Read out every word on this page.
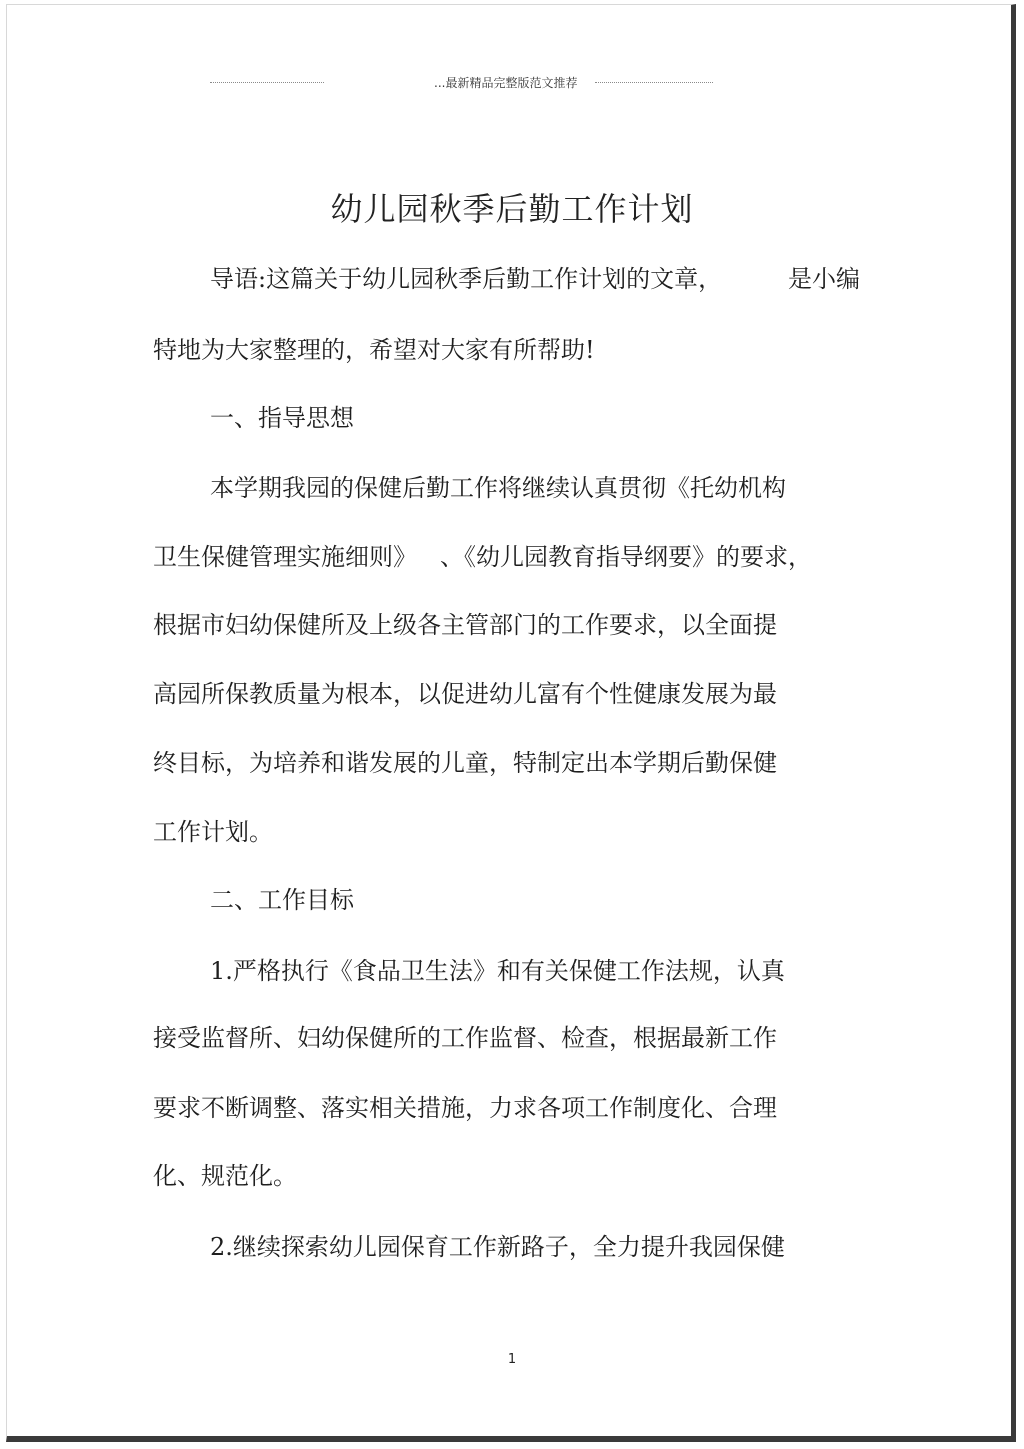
...最新精品完整版范文推荐
幼儿园秋季后勤工作计划
导语:这篇关于幼儿园秋季后勤工作计划的文章，	是小编
特地为大家整理的，希望对大家有所帮助!
一、指导思想
本学期我园的保健后勤工作将继续认真贯彻《托幼机构
卫生保健管理实施细则》 、《幼儿园教育指导纲要》的要求，
根据市妇幼保健所及上级各主管部门的工作要求，以全面提
高园所保教质量为根本，以促进幼儿富有个性健康发展为最
终目标，为培养和谐发展的儿童，特制定出本学期后勤保健
工作计划。
二、工作目标
1.严格执行《食品卫生法》和有关保健工作法规，认真
接受监督所、妇幼保健所的工作监督、检查，根据最新工作
要求不断调整、落实相关措施，力求各项工作制度化、合理
化、规范化。
2.继续探索幼儿园保育工作新路子，全力提升我园保健
1
